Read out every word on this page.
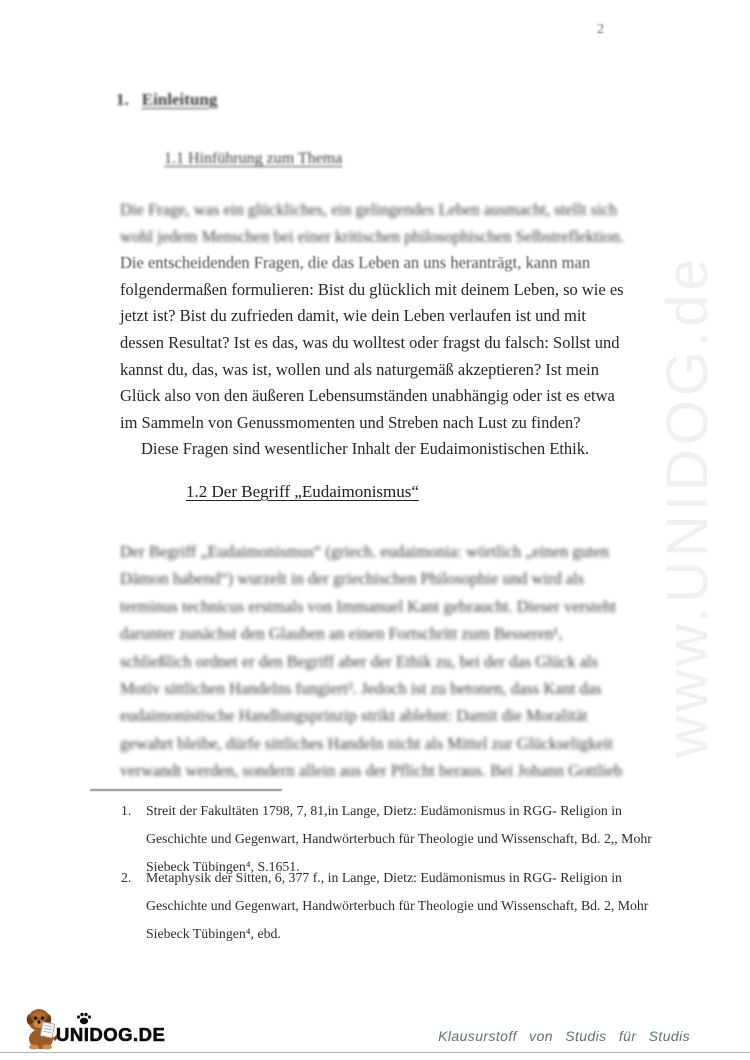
www.UNIDOG.de
2
1. Einleitung
1.1 Hinführung zum Thema
Die Frage, was ein glückliches, ein gelingendes Leben ausmacht, stellt sich
wohl jedem Menschen bei einer kritischen philosophischen Selbstreflektion.
Die entscheidenden Fragen, die das Leben an uns heranträgt, kann man
folgendermaßen formulieren: Bist du glücklich mit deinem Leben, so wie es
jetzt ist? Bist du zufrieden damit, wie dein Leben verlaufen ist und mit
dessen Resultat? Ist es das, was du wolltest oder fragst du falsch: Sollst und
kannst du, das, was ist, wollen und als naturgemäß akzeptieren? Ist mein
Glück also von den äußeren Lebensumständen unabhängig oder ist es etwa
im Sammeln von Genussmomenten und Streben nach Lust zu finden?
Diese Fragen sind wesentlicher Inhalt der Eudaimonistischen Ethik.
1.2 Der Begriff „Eudaimonismus“
Der Begriff „Eudaimonismus“ (griech. eudaimonia: wörtlich „einen guten
Dämon habend“) wurzelt in der griechischen Philosophie und wird als
terminus technicus erstmals von Immanuel Kant gebraucht. Dieser versteht
darunter zunächst den Glauben an einen Fortschritt zum Besseren¹,
schließlich ordnet er den Begriff aber der Ethik zu, bei der das Glück als
Motiv sittlichen Handelns fungiert². Jedoch ist zu betonen, dass Kant das
eudaimonistische Handlungsprinzip strikt ablehnt: Damit die Moralität
gewahrt bleibe, dürfe sittliches Handeln nicht als Mittel zur Glückseligkeit
verwandt werden, sondern allein aus der Pflicht heraus. Bei Johann Gottlieb
1.	Streit der Fakultäten 1798, 7, 81,in Lange, Dietz: Eudämonismus in RGG- Religion in
Geschichte und Gegenwart, Handwörterbuch für Theologie und Wissenschaft, Bd. 2,, Mohr
Siebeck Tübingen⁴, S.1651.
2.	Metaphysik der Sitten, 6, 377 f., in Lange, Dietz: Eudämonismus in RGG- Religion in
Geschichte und Gegenwart, Handwörterbuch für Theologie und Wissenschaft, Bd. 2, Mohr
Siebeck Tübingen⁴, ebd.
UNIDOG.DE	Klausurstoff von Studis für Studis
